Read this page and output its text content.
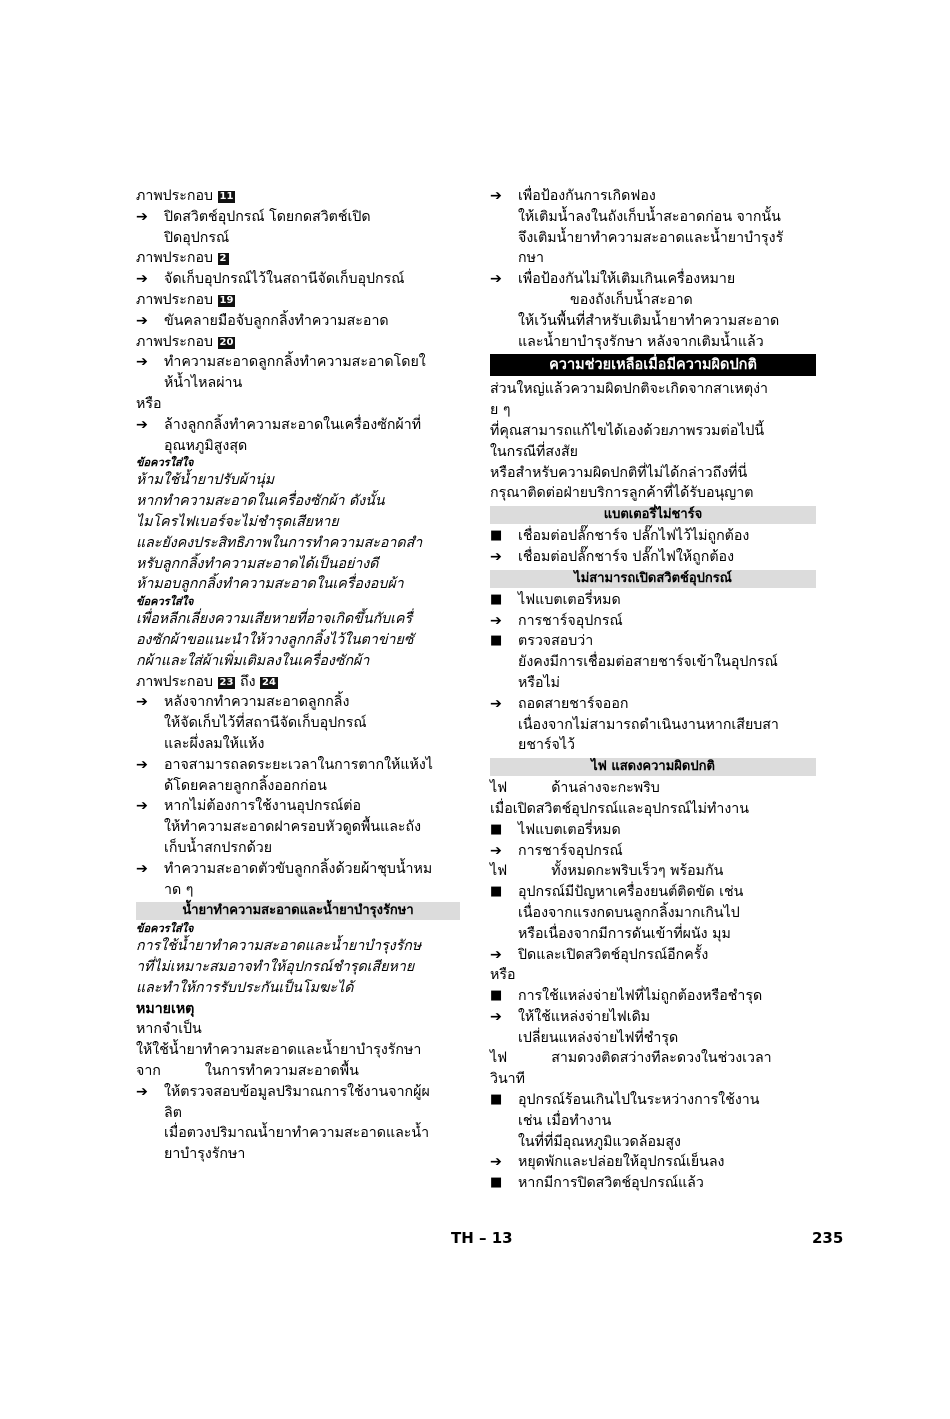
ภาพประกอบ 11
➔ ปิดสวิตช์อุปกรณ์ โดยกดสวิตช์เปิด
ปิดอุปกรณ์
ภาพประกอบ 2
➔ จัดเก็บอุปกรณ์ไว้ในสถานีจัดเก็บอุปกรณ์
ภาพประกอบ 19
➔ ขันคลายมือจับลูกกลิ้งทำความสะอาด
ภาพประกอบ 20
➔ ทำความสะอาดลูกกลิ้งทำความสะอาดโดยใ
ห้น้ำไหลผ่าน
หรือ
➔ ล้างลูกกลิ้งทำความสะอาดในเครื่องซักผ้าที่
อุณหภูมิสูงสุด
ข้อควรใส่ใจ
ห้ามใช้น้ำยาปรับผ้านุ่ม
หากทำความสะอาดในเครื่องซักผ้า ดังนั้น
ไมโครไฟเบอร์จะไม่ชำรุดเสียหาย
และยังคงประสิทธิภาพในการทำความสะอาดสำ
หรับลูกกลิ้งทำความสะอาดได้เป็นอย่างดี
ห้ามอบลูกกลิ้งทำความสะอาดในเครื่องอบผ้า
ข้อควรใส่ใจ
เพื่อหลีกเลี่ยงความเสียหายที่อาจเกิดขึ้นกับเครื่
องซักผ้าขอแนะนำให้วางลูกกลิ้งไว้ในตาข่ายซั
กผ้าและใส่ผ้าเพิ่มเติมลงในเครื่องซักผ้า
ภาพประกอบ 23 ถึง 24
➔ หลังจากทำความสะอาดลูกกลิ้ง
ให้จัดเก็บไว้ที่สถานีจัดเก็บอุปกรณ์
และผึ่งลมให้แห้ง
➔ อาจสามารถลดระยะเวลาในการตากให้แห้งไ
ด้โดยคลายลูกกลิ้งออกก่อน
➔ หากไม่ต้องการใช้งานอุปกรณ์ต่อ
ให้ทำความสะอาดฝาครอบหัวดูดพื้นและถัง
เก็บน้ำสกปรกด้วย
➔ ทำความสะอาดตัวขับลูกกลิ้งด้วยผ้าชุบน้ำหม
าด ๆ
น้ำยาทำความสะอาดและน้ำยาบำรุงรักษา
ข้อควรใส่ใจ
การใช้น้ำยาทำความสะอาดและน้ำยาบำรุงรักษ
าที่ไม่เหมาะสมอาจทำให้อุปกรณ์ชำรุดเสียหาย
และทำให้การรับประกันเป็นโมฆะได้
หมายเหตุ
หากจำเป็น
ให้ใช้น้ำยาทำความสะอาดและน้ำยาบำรุงรักษา
จาก	ในการทำความสะอาดพื้น
➔ ให้ตรวจสอบข้อมูลปริมาณการใช้งานจากผู้ผ
ลิต
เมื่อตวงปริมาณน้ำยาทำความสะอาดและน้ำ
ยาบำรุงรักษา
➔ เพื่อป้องกันการเกิดฟอง
ให้เติมน้ำลงในถังเก็บน้ำสะอาดก่อน จากนั้น
จึงเติมน้ำยาทำความสะอาดและน้ำยาบำรุงรั
กษา
➔ เพื่อป้องกันไม่ให้เติมเกินเครื่องหมาย
ของถังเก็บน้ำสะอาด
ให้เว้นพื้นที่สำหรับเติมน้ำยาทำความสะอาด
และน้ำยาบำรุงรักษา หลังจากเติมน้ำแล้ว
ความช่วยเหลือเมื่อมีความผิดปกติ
ส่วนใหญ่แล้วความผิดปกติจะเกิดจากสาเหตุง่า
ย ๆ
ที่คุณสามารถแก้ไขได้เองด้วยภาพรวมต่อไปนี้
ในกรณีที่สงสัย
หรือสำหรับความผิดปกติที่ไม่ได้กล่าวถึงที่นี่
กรุณาติดต่อฝ่ายบริการลูกค้าที่ได้รับอนุญาต
แบตเตอรี่ไม่ชาร์จ
■ เชื่อมต่อปลั๊กชาร์จ ปลั๊กไฟไว้ไม่ถูกต้อง
➔ เชื่อมต่อปลั๊กชาร์จ ปลั๊กไฟให้ถูกต้อง
ไม่สามารถเปิดสวิตช์อุปกรณ์
■ ไฟแบตเตอรี่หมด
➔ การชาร์จอุปกรณ์
■ ตรวจสอบว่า
ยังคงมีการเชื่อมต่อสายชาร์จเข้าในอุปกรณ์
หรือไม่
➔ ถอดสายชาร์จออก
เนื่องจากไม่สามารถดำเนินงานหากเสียบสา
ยชาร์จไว้
ไฟ แสดงความผิดปกติ
ไฟ	ด้านล่างจะกะพริบ
เมื่อเปิดสวิตช์อุปกรณ์และอุปกรณ์ไม่ทำงาน
■ ไฟแบตเตอรี่หมด
➔ การชาร์จอุปกรณ์
ไฟ	ทั้งหมดกะพริบเร็วๆ พร้อมกัน
■ อุปกรณ์มีปัญหาเครื่องยนต์ติดขัด เช่น
เนื่องจากแรงกดบนลูกกลิ้งมากเกินไป
หรือเนื่องจากมีการดันเข้าที่ผนัง มุม
➔ ปิดและเปิดสวิตช์อุปกรณ์อีกครั้ง
หรือ
■ การใช้แหล่งจ่ายไฟที่ไม่ถูกต้องหรือชำรุด
➔ ให้ใช้แหล่งจ่ายไฟเดิม
เปลี่ยนแหล่งจ่ายไฟที่ชำรุด
ไฟ	สามดวงติดสว่างทีละดวงในช่วงเวลา
วินาที
■ อุปกรณ์ร้อนเกินไปในระหว่างการใช้งาน
เช่น เมื่อทำงาน
ในที่ที่มีอุณหภูมิแวดล้อมสูง
➔ หยุดพักและปล่อยให้อุปกรณ์เย็นลง
■ หากมีการปิดสวิตช์อุปกรณ์แล้ว
TH – 13	235
